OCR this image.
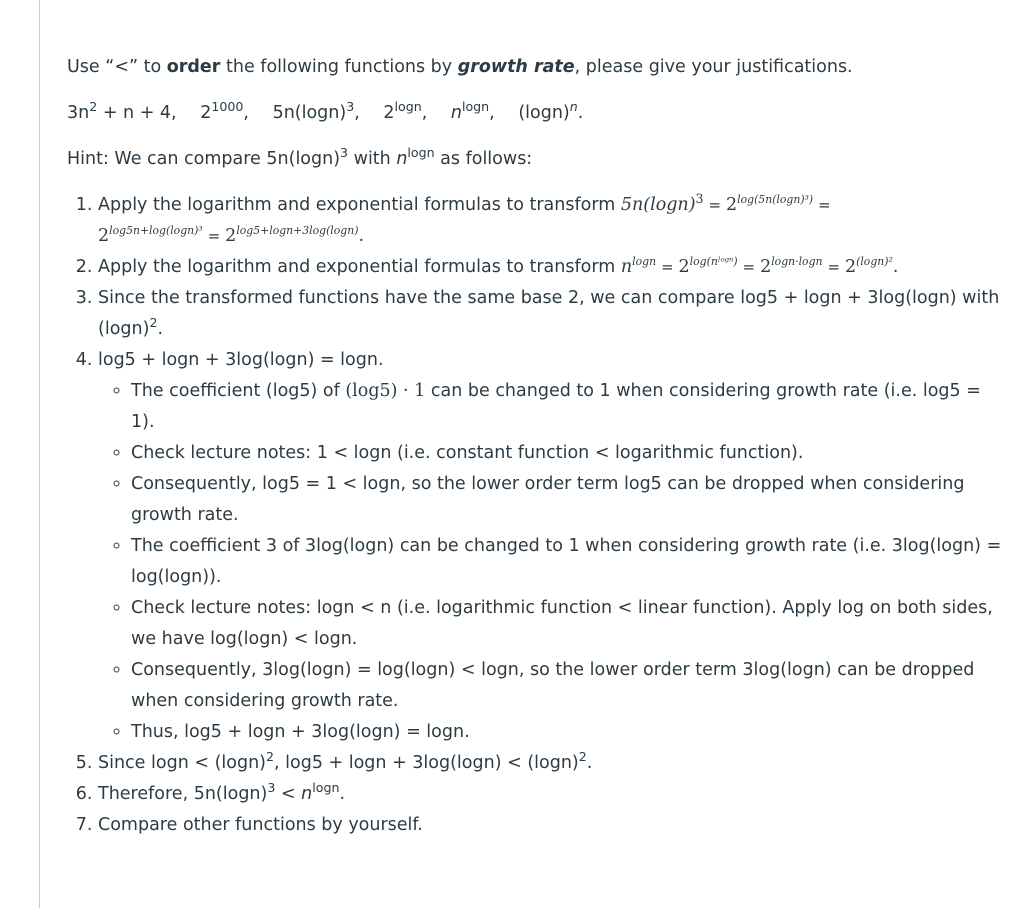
Use “<” to order the following functions by growth rate, please give your justifications.

$3n^2 + n + 4$, $2^{1000}$, $5n(\log n)^3$, $2^{logn}$, $n^{logn}$, $(\log n)^n$.

Hint: We can compare $5n(\log n)^3$ with $n^{logn}$ as follows:

1. Apply the logarithm and exponential formulas to transform $5n(\log n)^3 = 2^{log(5n(logn)^3)}$ =
$2^{log5n+log(logn)^3} = 2^{log5+logn+3log(logn)}$.
2. Apply the logarithm and exponential formulas to transform $n^{logn} = 2^{log(nˡᵒᵍ^n)} = 2^{logn\cdot logn} = 2^{(logn)^2}$.
3. Since the transformed functions have the same base 2, we can compare log5 + logn + 3log(logn) with $(\log n)^2$.
4. log5 + logn + 3log(logn) = logn.
◦ The coefficient (log5) of (log5) · 1 can be changed to 1 when considering growth rate (i.e. log5 = 1).
◦ Check lecture notes: 1 < logn (i.e. constant function < logarithmic function).
◦ Consequently, log5 = 1 < logn, so the lower order term log5 can be dropped when considering growth rate.
◦ The coefficient 3 of 3log(logn) can be changed to 1 when considering growth rate (i.e. 3log(logn) = log(logn)).
◦ Check lecture notes: logn < n (i.e. logarithmic function < linear function). Apply log on both sides, we have log(logn) < logn.
◦ Consequently, 3log(logn) = log(logn) < logn, so the lower order term 3log(logn) can be dropped when considering growth rate.
◦ Thus, log5 + logn + 3log(logn) = logn.
5. Since $\log n < (\log n)^2$, $\log 5 + \log n + 3\log(\log n) < (\log n)^2$.
6. Therefore, $5n(\log n)^3 < n^{logn}$.
7. Compare other functions by yourself.
